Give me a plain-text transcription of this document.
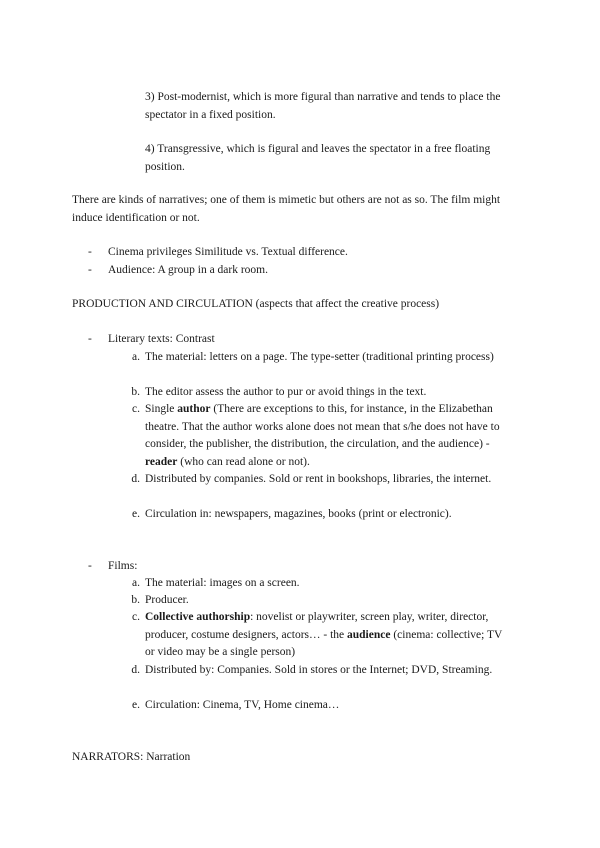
3) Post-modernist, which is more figural than narrative and tends to place the spectator in a fixed position.
4) Transgressive, which is figural and leaves the spectator in a free floating position.
There are kinds of narratives; one of them is mimetic but others are not as so. The film might induce identification or not.
- Cinema privileges Similitude vs. Textual difference.
- Audience: A group in a dark room.
PRODUCTION AND CIRCULATION (aspects that affect the creative process)
- Literary texts: Contrast
a. The material: letters on a page. The type-setter (traditional printing process)
b. The editor assess the author to pur or avoid things in the text.
c. Single author (There are exceptions to this, for instance, in the Elizabethan theatre. That the author works alone does not mean that s/he does not have to consider, the publisher, the distribution, the circulation, and the audience) - reader (who can read alone or not).
d. Distributed by companies. Sold or rent in bookshops, libraries, the internet.
e. Circulation in: newspapers, magazines, books (print or electronic).
- Films:
a. The material: images on a screen.
b. Producer.
c. Collective authorship: novelist or playwriter, screen play, writer, director, producer, costume designers, actors… - the audience (cinema: collective; TV or video may be a single person)
d. Distributed by: Companies. Sold in stores or the Internet; DVD, Streaming.
e. Circulation: Cinema, TV, Home cinema…
NARRATORS: Narration
